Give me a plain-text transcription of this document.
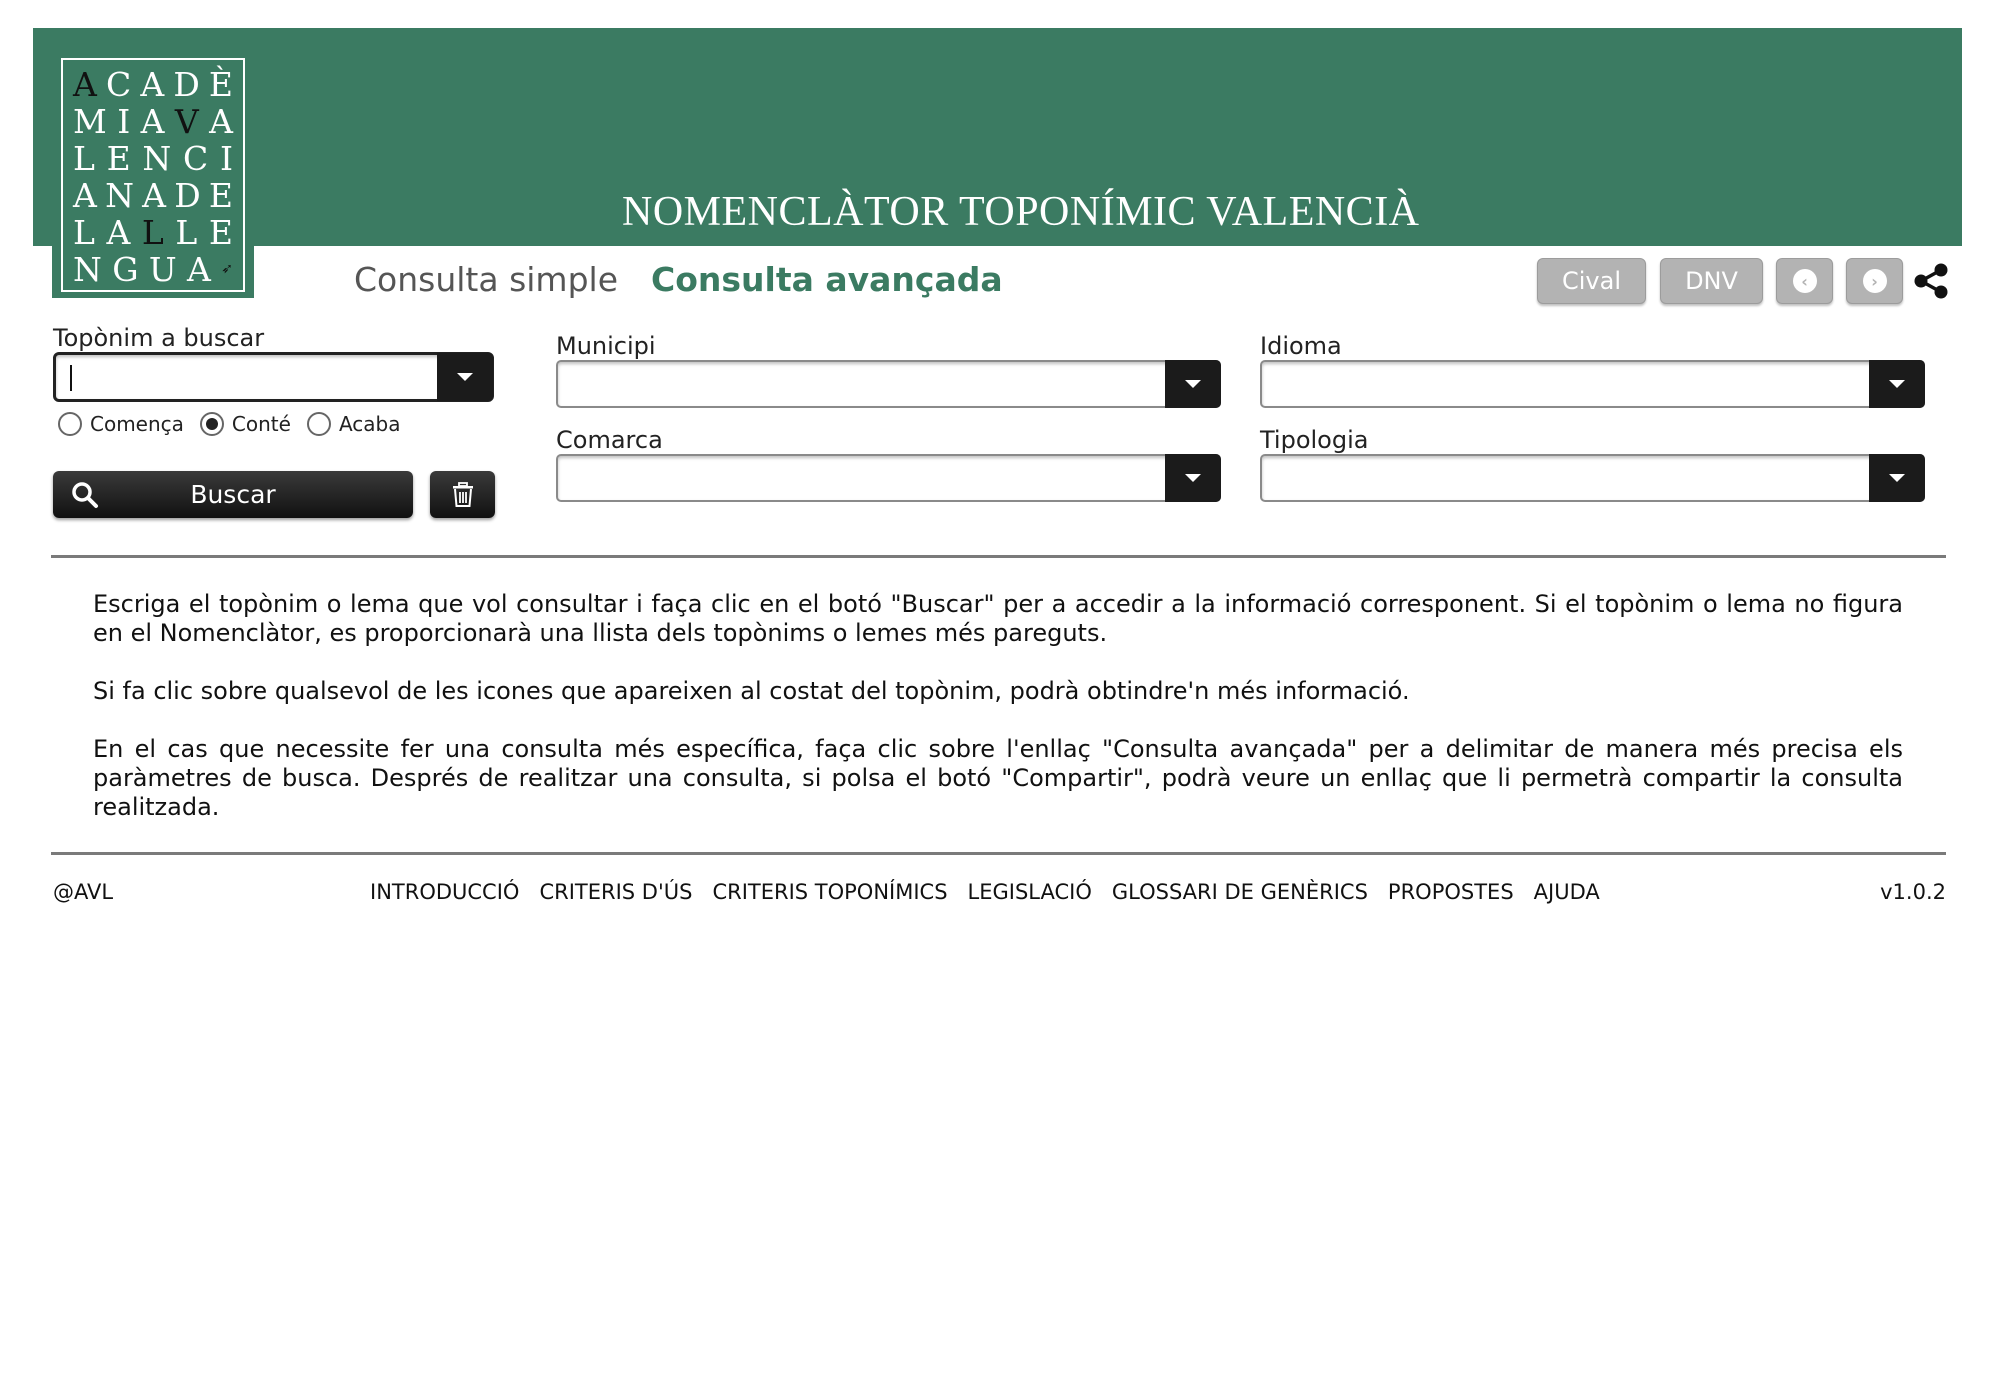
NOMENCLÀTOR TOPONÍMIC VALENCIÀ
A C A D È
M I A V A
L E N C I
A N A D E
L A L L E
N G U A ➶	Consulta simple Consulta avançada	Cival	DNV	‹	›
Topònim a buscar
Comença Conté Acaba
Buscar
Municipi
Comarca
Idioma
Tipologia

Escriga el topònim o lema que vol consultar i faça clic en el botó "Buscar" per a accedir a la informació corresponent. Si el topònim o lema no figura en el Nomenclàtor, es proporcionarà una llista dels topònims o lemes més pareguts.

Si fa clic sobre qualsevol de les icones que apareixen al costat del topònim, podrà obtindre'n més informació.

En el cas que necessite fer una consulta més específica, faça clic sobre l'enllaç "Consulta avançada" per a delimitar de manera més precisa els paràmetres de busca. Després de realitzar una consulta, si polsa el botó "Compartir", podrà veure un enllaç que li permetrà compartir la consulta realitzada.

@AVL	INTRODUCCIÓ CRITERIS D'ÚS CRITERIS TOPONÍMICS LEGISLACIÓ GLOSSARI DE GENÈRICS PROPOSTES AJUDA	v1.0.2
